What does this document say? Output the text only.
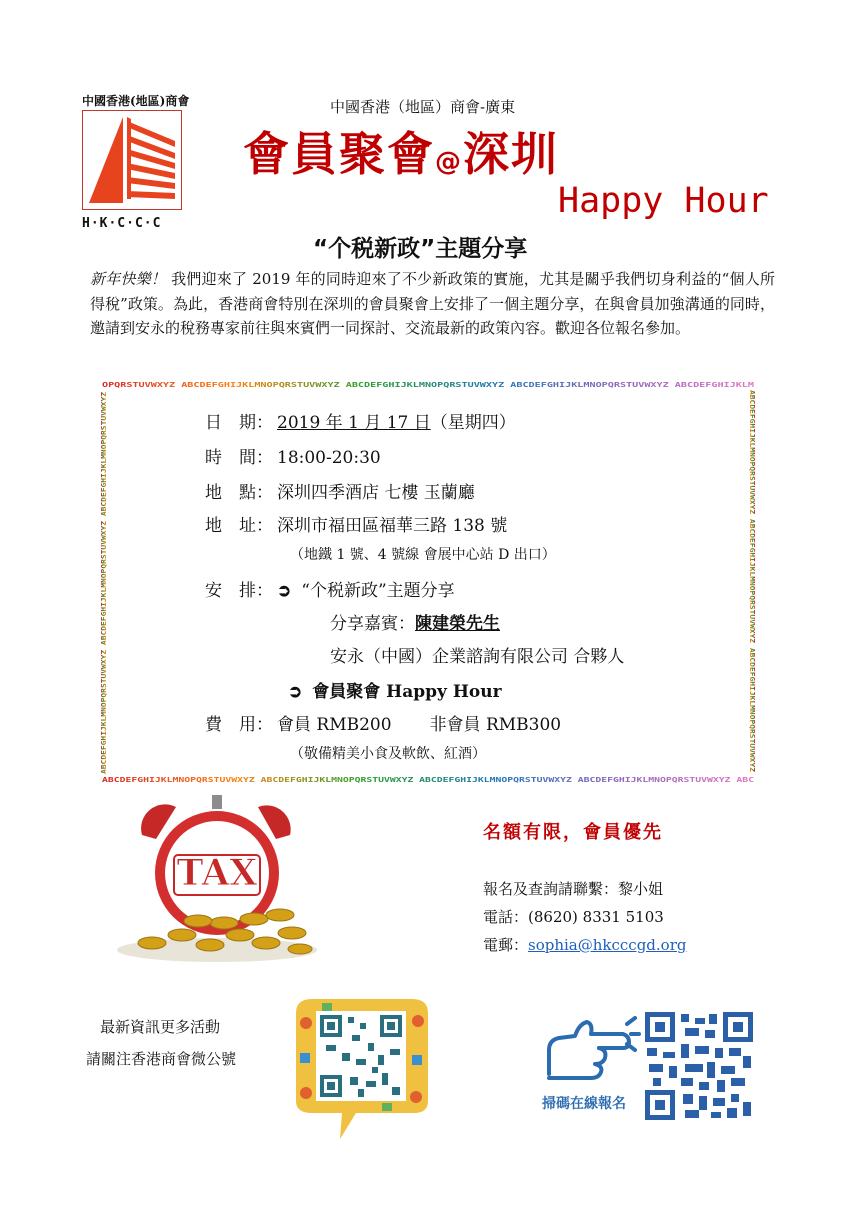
中國香港(地區)商會
H·K·C·C·C
中國香港（地區）商會-廣東
會員聚會@深圳
Happy Hour
“个税新政”主題分享
新年快樂！ 我們迎來了 2019 年的同時迎來了不少新政策的實施，尤其是關乎我們切身利益的“個人所得稅”政策。為此，香港商會特別在深圳的會員聚會上安排了一個主題分享，在與會員加強溝通的同時，邀請到安永的稅務專家前往與來賓們一同探討、交流最新的政策內容。歡迎各位報名參加。
OPQRSTUVWXYZ ABCDEFGHIJKLMNOPQRSTUVWXYZ ABCDEFGHIJKLMNOPQRSTUVWXYZ ABCDEFGHIJKLMNOPQRSTUVWXYZ ABCDEFGHIJKLM
ABCDEFGHIJKLMNOPQRSTUVWXYZ ABCDEFGHIJKLMNOPQRSTUVWXYZ ABCDEFGHIJKLMNOPQRSTUVWXYZ ABCDEFGHIJKLMNOPQRSTUVWXYZ ABC
ABCDEFGHIJKLMNOPQRSTUVWXYZ ABCDEFGHIJKLMNOPQRSTUVWXYZ ABCDEFGHIJKLMNOPQRSTUVWXYZ	ABCDEFGHIJKLMNOPQRSTUVWXYZ ABCDEFGHIJKLMNOPQRSTUVWXYZ ABCDEFGHIJKLMNOPQRSTUVWXYZ
日　期： 2019 年 1 月 17 日（星期四）
時　間： 18:00-20:30
地　點： 深圳四季酒店 七樓 玉蘭廳
地　址： 深圳市福田區福華三路 138 號
（地鐵 1 號、4 號線 會展中心站 D 出口）
安　排： ➲ “个税新政”主題分享
分享嘉賓：陳建榮先生
安永（中國）企業諮詢有限公司 合夥人
➲ 會員聚會 Happy Hour
費　用： 會員 RMB200 非會員 RMB300
（敬備精美小食及軟飲、紅酒）
TAX
名額有限，會員優先
報名及查詢請聯繫：黎小姐
電話：(8620) 8331 5103
電郵：sophia@hkcccgd.org
最新資訊更多活動
請關注香港商會微公號
掃碼在線報名
